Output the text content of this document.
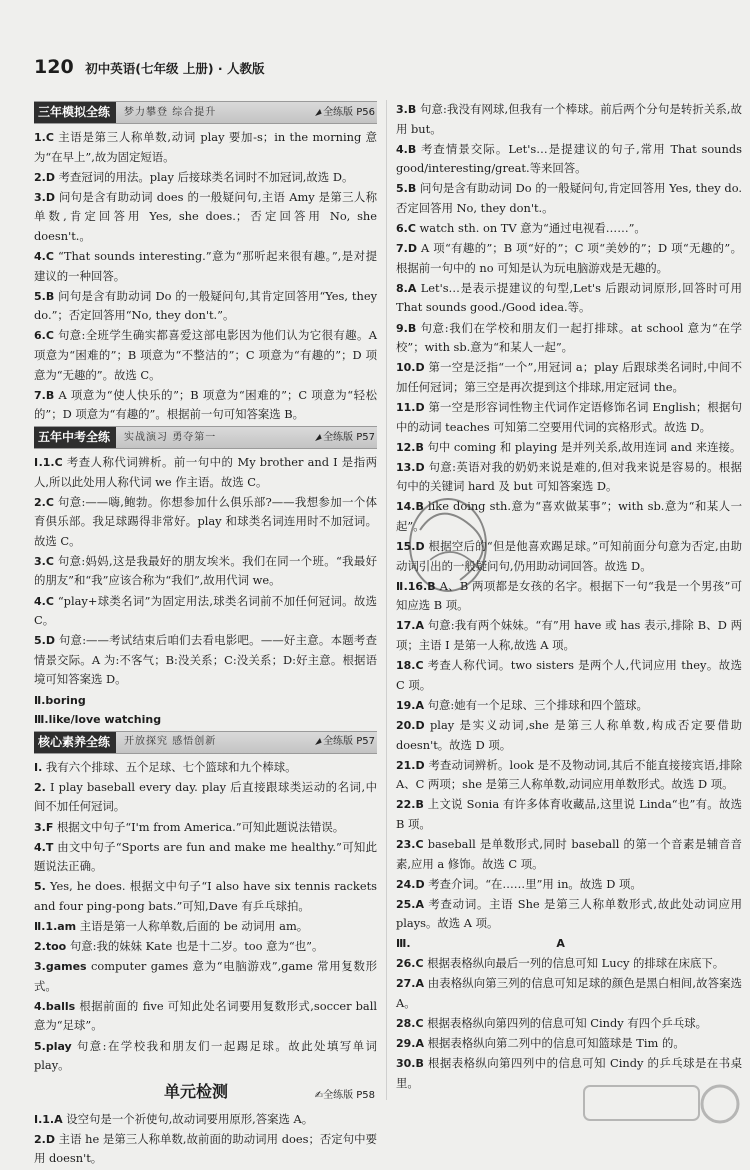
120 初中英语(七年级 上册) · 人教版
三年模拟全练	梦力攀登 综合提升	全练版 P56

1.C 主语是第三人称单数,动词 play 要加-s；in the morning 意为“在早上”,故为固定短语。

2.D 考查冠词的用法。play 后接球类名词时不加冠词,故选 D。

3.D 问句是含有助动词 does 的一般疑问句,主语 Amy 是第三人称单数,肯定回答用 Yes, she does.；否定回答用 No, she doesn't.。

4.C “That sounds interesting.”意为“那听起来很有趣。”,是对提建议的一种回答。

5.B 问句是含有助动词 Do 的一般疑问句,其肯定回答用“Yes, they do.”；否定回答用“No, they don't.”。

6.C 句意:全班学生确实都喜爱这部电影因为他们认为它很有趣。A 项意为“困难的”；B 项意为“不整洁的”；C 项意为“有趣的”；D 项意为“无趣的”。故选 C。

7.B A 项意为“使人快乐的”；B 项意为“困难的”；C 项意为“轻松的”；D 项意为“有趣的”。根据前一句可知答案选 B。

五年中考全练	实战演习 勇夺第一	全练版 P57

Ⅰ.1.C 考查人称代词辨析。前一句中的 My brother and I 是指两人,所以此处用人称代词 we 作主语。故选 C。

2.C 句意:——嗨,鲍勃。你想参加什么俱乐部?——我想参加一个体育俱乐部。我足球踢得非常好。play 和球类名词连用时不加冠词。故选 C。

3.C 句意:妈妈,这是我最好的朋友埃米。我们在同一个班。“我最好的朋友”和“我”应该合称为“我们”,故用代词 we。

4.C “play+球类名词”为固定用法,球类名词前不加任何冠词。故选 C。

5.D 句意:——考试结束后咱们去看电影吧。——好主意。本题考查情景交际。A 为:不客气；B:没关系；C:没关系；D:好主意。根据语境可知答案选 D。

Ⅱ.boring

Ⅲ.like/love watching

核心素养全练	开放探究 感悟创新	全练版 P57

Ⅰ. 我有六个排球、五个足球、七个篮球和九个棒球。

2. I play baseball every day. play 后直接跟球类运动的名词,中间不加任何冠词。

3.F 根据文中句子“I'm from America.”可知此题说法错误。

4.T 由文中句子“Sports are fun and make me healthy.”可知此题说法正确。

5. Yes, he does. 根据文中句子“I also have six tennis rackets and four ping-pong bats.”可知,Dave 有乒乓球拍。

Ⅱ.1.am 主语是第一人称单数,后面的 be 动词用 am。

2.too 句意:我的妹妹 Kate 也是十二岁。too 意为“也”。

3.games computer games 意为“电脑游戏”,game 常用复数形式。

4.balls 根据前面的 five 可知此处名词要用复数形式,soccer ball 意为“足球”。

5.play 句意:在学校我和朋友们一起踢足球。故此处填写单词 play。

单元检测	✍全练版 P58

Ⅰ.1.A 设空句是一个祈使句,故动词要用原形,答案选 A。

2.D 主语 he 是第三人称单数,故前面的助动词用 does；否定句中要用 doesn't。

3.B 句意:我没有网球,但我有一个棒球。前后两个分句是转折关系,故用 but。

4.B 考查情景交际。Let's…是提建议的句子,常用 That sounds good/interesting/great.等来回答。

5.B 问句是含有助动词 Do 的一般疑问句,肯定回答用 Yes, they do.否定回答用 No, they don't.。

6.C watch sth. on TV 意为“通过电视看……”。

7.D A 项“有趣的”；B 项“好的”；C 项“美妙的”；D 项“无趣的”。根据前一句中的 no 可知是认为玩电脑游戏是无趣的。

8.A Let's…是表示提建议的句型,Let's 后跟动词原形,回答时可用 That sounds good./Good idea.等。

9.B 句意:我们在学校和朋友们一起打排球。at school 意为“在学校”；with sb.意为“和某人一起”。

10.D 第一空是泛指“一个”,用冠词 a；play 后跟球类名词时,中间不加任何冠词；第三空是再次提到这个排球,用定冠词 the。

11.D 第一空是形容词性物主代词作定语修饰名词 English；根据句中的动词 teaches 可知第二空要用代词的宾格形式。故选 D。

12.B 句中 coming 和 playing 是并列关系,故用连词 and 来连接。

13.D 句意:英语对我的奶奶来说是难的,但对我来说是容易的。根据句中的关键词 hard 及 but 可知答案选 D。

14.B like doing sth.意为“喜欢做某事”；with sb.意为“和某人一起”。

15.D 根据空后的“但是他喜欢踢足球。”可知前面分句意为否定,由助动词引出的一般疑问句,仍用助动词回答。故选 D。

Ⅱ.16.B A、B 两项都是女孩的名字。根据下一句“我是一个男孩”可知应选 B 项。

17.A 句意:我有两个妹妹。“有”用 have 或 has 表示,排除 B、D 两项；主语 I 是第一人称,故选 A 项。

18.C 考查人称代词。two sisters 是两个人,代词应用 they。故选 C 项。

19.A 句意:她有一个足球、三个排球和四个篮球。

20.D play 是实义动词,she 是第三人称单数,构成否定要借助 doesn't。故选 D 项。

21.D 考查动词辨析。look 是不及物动词,其后不能直接接宾语,排除 A、C 两项；she 是第三人称单数,动词应用单数形式。故选 D 项。

22.B 上文说 Sonia 有许多体育收藏品,这里说 Linda“也”有。故选 B 项。

23.C baseball 是单数形式,同时 baseball 的第一个音素是辅音音素,应用 a 修饰。故选 C 项。

24.D 考查介词。“在……里”用 in。故选 D 项。

25.A 考查动词。主语 She 是第三人称单数形式,故此处动词应用 plays。故选 A 项。

Ⅲ.	A

26.C 根据表格纵向最后一列的信息可知 Lucy 的排球在床底下。

27.A 由表格纵向第三列的信息可知足球的颜色是黑白相间,故答案选 A。

28.C 根据表格纵向第四列的信息可知 Cindy 有四个乒乓球。

29.A 根据表格纵向第二列中的信息可知篮球是 Tim 的。

30.B 根据表格纵向第四列中的信息可知 Cindy 的乒乓球是在书桌里。
